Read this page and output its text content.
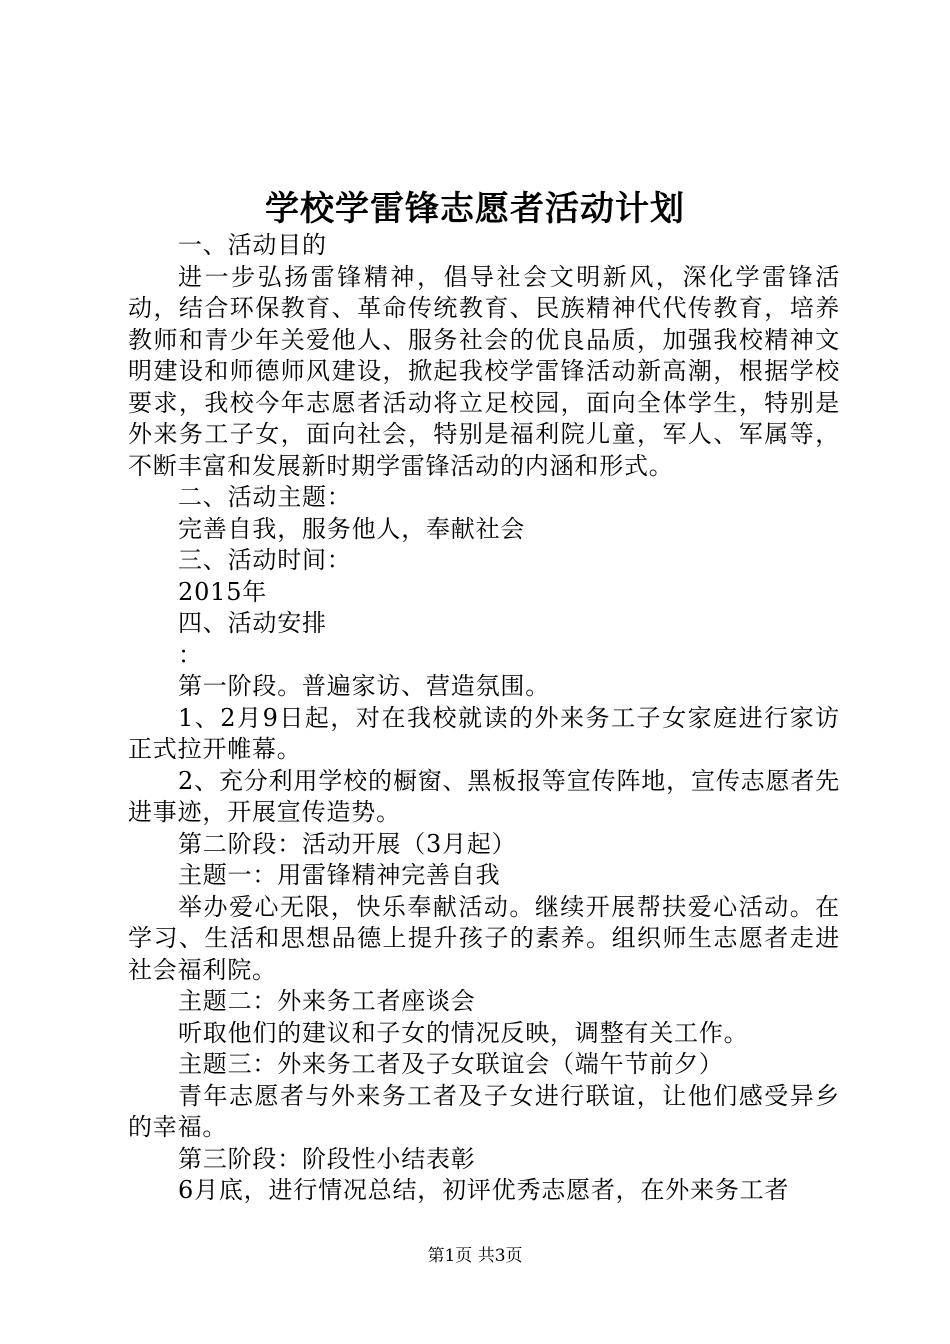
学校学雷锋志愿者活动计划

一、活动目的

进一步弘扬雷锋精神，倡导社会文明新风，深化学雷锋活动，结合环保教育、革命传统教育、民族精神代代传教育，培养教师和青少年关爱他人、服务社会的优良品质，加强我校精神文明建设和师德师风建设，掀起我校学雷锋活动新高潮，根据学校要求，我校今年志愿者活动将立足校园，面向全体学生，特别是外来务工子女，面向社会，特别是福利院儿童，军人、军属等，不断丰富和发展新时期学雷锋活动的内涵和形式。

二、活动主题：

完善自我，服务他人，奉献社会

三、活动时间：

2015年

四、活动安排

：

第一阶段。普遍家访、营造氛围。

1、2月9日起，对在我校就读的外来务工子女家庭进行家访正式拉开帷幕。

2、充分利用学校的橱窗、黑板报等宣传阵地，宣传志愿者先进事迹，开展宣传造势。

第二阶段：活动开展（3月起）

主题一：用雷锋精神完善自我

举办爱心无限，快乐奉献活动。继续开展帮扶爱心活动。在学习、生活和思想品德上提升孩子的素养。组织师生志愿者走进社会福利院。

主题二：外来务工者座谈会

听取他们的建议和子女的情况反映，调整有关工作。

主题三：外来务工者及子女联谊会（端午节前夕）

青年志愿者与外来务工者及子女进行联谊，让他们感受异乡的幸福。

第三阶段：阶段性小结表彰

6月底，进行情况总结，初评优秀志愿者，在外来务工者

第1页 共3页
